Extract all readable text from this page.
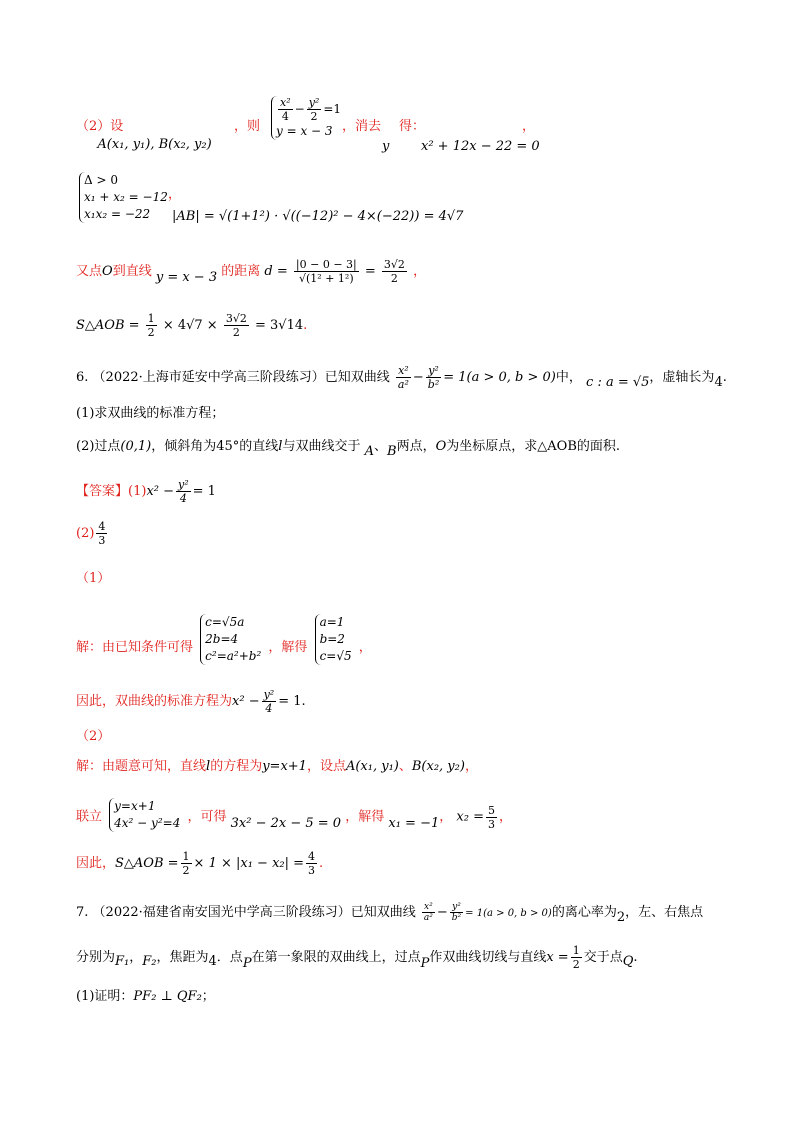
（2）设 A(x₁, y₁), B(x₂, y₂)
，则
$\frac{\text{x²}}{4} - \frac{\text{y²}}{2} =1$
y = x − 3 ，消去
y
得：
x² + 12x − 22 = 0
，
Δ > 0
x₁ + x₂ = −12
x₁x₂ = −22
，
|AB| = √(1+1²) · √((−12)² − 4×(−22)) = 4√7
又点O到直线 y = x − 3 的距离 $d = \frac{|0 - 0 - 3|}{\text{√(1² + 1²)}} = \frac{3√2}{2}$ ，
S△AOB = $\frac{1}{2} \times 4√7 \times \frac{3√2}{2} = 3√14$.
6. （2022·上海市延安中学高三阶段练习）已知双曲线 $\frac{\text{x²}}{\text{a²}} - \frac{\text{y²}}{\text{b²}} = 1(a > 0$, b > 0)中， c : a = √5，虚轴长为4.
(1)求双曲线的标准方程；
(2)过点(0,1)，倾斜角为45°的直线l与双曲线交于 A、B两点，O为坐标原点，求△AOB的面积.
【答案】$(1)x^2 - \frac{\text{y²}}{4} = 1$
$(2) \frac{4}{3}$
（1）
解：由已知条件可得
c=√5a
2b=4
c²=a²+b²
，解得
a=1
b=2
c=√5
，
因此，双曲线的标准方程为$x^2 - \frac{\text{y²}}{4} = 1$.
（2）
解：由题意可知，直线l的方程为y=x+1，设点A(x₁, y₁)、B(x₂, y₂)，
联立
y=x+1
4x² − y²=4 ，可得 3x² − 2x − 5 = 0 ，解得 x₁ = −1， $x_2 = \frac{5}{3}$ ，
因此，S△AOB = $\frac{1}{2} \times 1 \times |x_1 - x_2| = \frac{4}{3}$ .
7. （2022·福建省南安国光中学高三阶段练习）已知双曲线 $\frac{\text{x²}}{\text{a²}} - \frac{\text{y²}}{\text{b²}} = 1(a > 0$, b > 0)的离心率为2，左、右焦点
分别为F₁，F₂，焦距为4．点P在第一象限的双曲线上，过点P作双曲线切线与直线$x = \frac{1}{2}$ 交于点Q.
(1)证明：PF₂ ⊥ QF₂；
